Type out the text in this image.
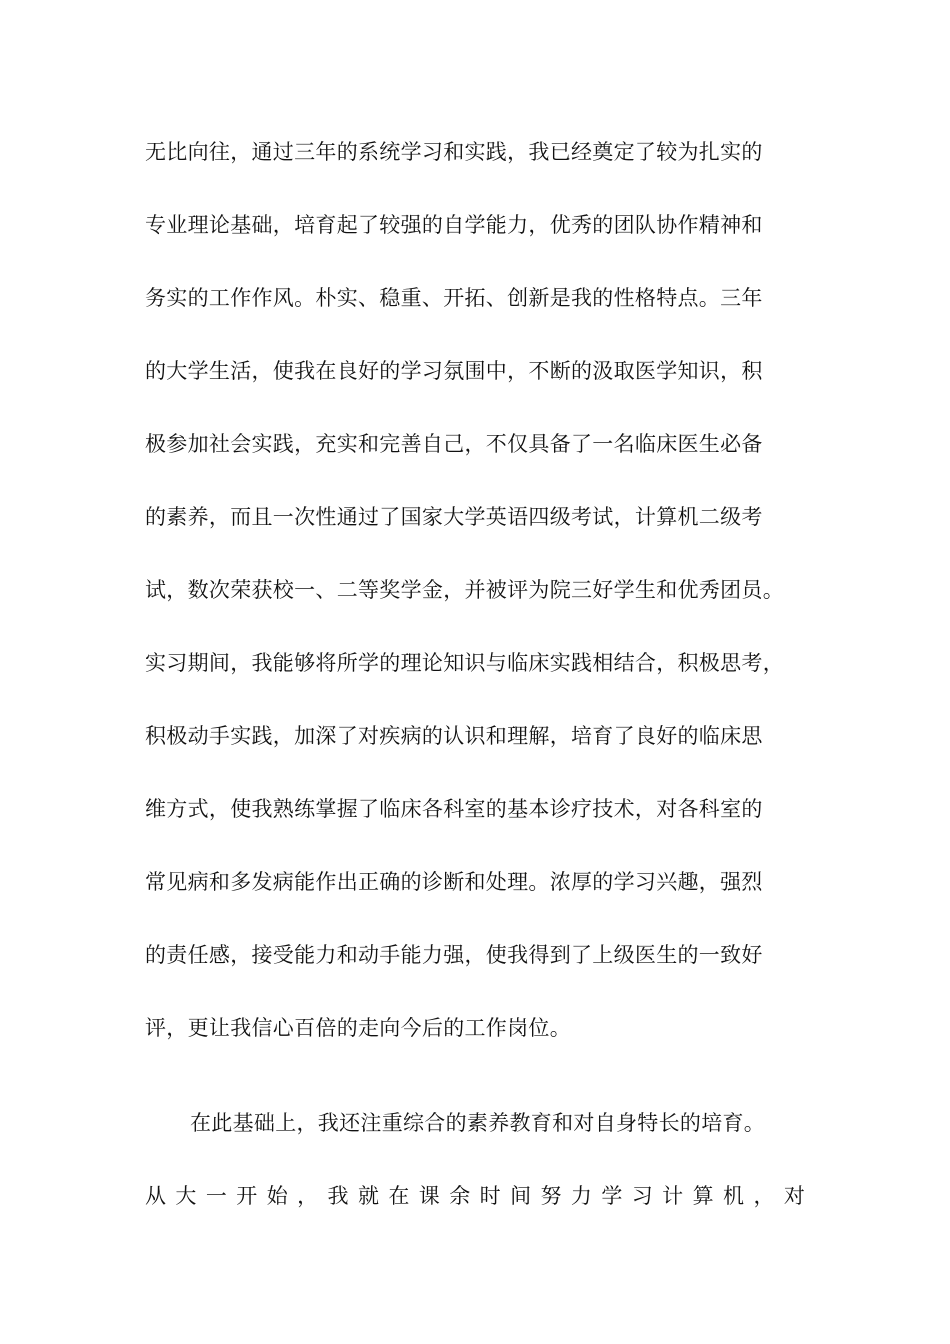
无比向往，通过三年的系统学习和实践，我已经奠定了较为扎实的
专业理论基础，培育起了较强的自学能力，优秀的团队协作精神和
务实的工作作风。朴实、稳重、开拓、创新是我的性格特点。三年
的大学生活，使我在良好的学习氛围中，不断的汲取医学知识，积
极参加社会实践，充实和完善自己，不仅具备了一名临床医生必备
的素养，而且一次性通过了国家大学英语四级考试，计算机二级考
试，数次荣获校一、二等奖学金，并被评为院三好学生和优秀团员。
实习期间，我能够将所学的理论知识与临床实践相结合，积极思考，
积极动手实践，加深了对疾病的认识和理解，培育了良好的临床思
维方式，使我熟练掌握了临床各科室的基本诊疗技术，对各科室的
常见病和多发病能作出正确的诊断和处理。浓厚的学习兴趣，强烈
的责任感，接受能力和动手能力强，使我得到了上级医生的一致好
评，更让我信心百倍的走向今后的工作岗位。
在此基础上，我还注重综合的素养教育和对自身特长的培育。
从 大 一 开 始 ， 我 就 在 课 余 时 间 努 力 学 习 计 算 机 ， 对
